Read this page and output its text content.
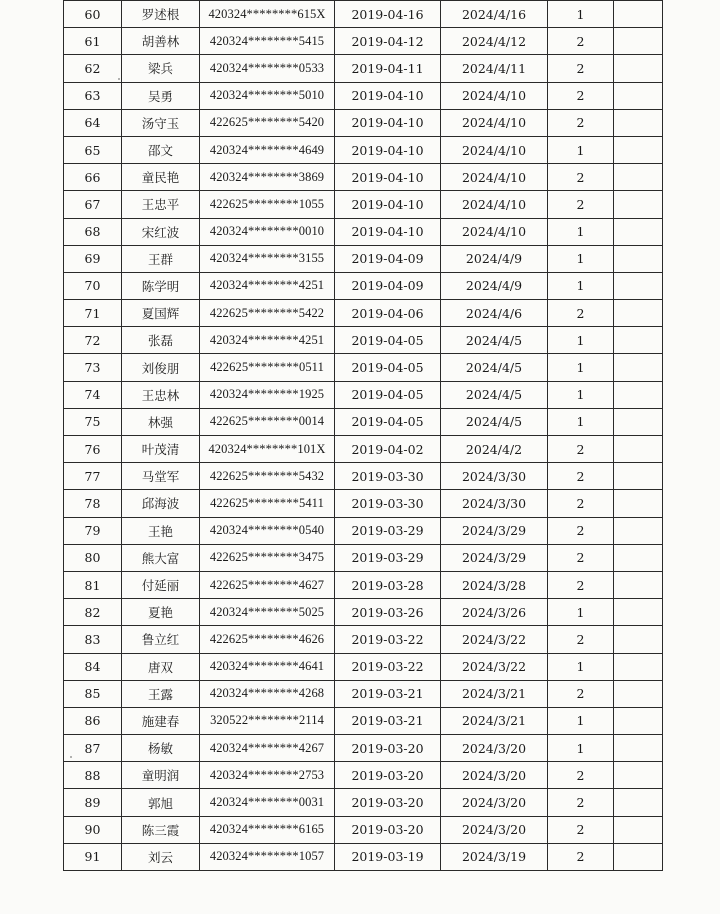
60	罗述根	420324********615X	2019-04-16	2024/4/16	1	
61	胡善林	420324********5415	2019-04-12	2024/4/12	2	
62	梁兵	420324********0533	2019-04-11	2024/4/11	2	
63	吴勇	420324********5010	2019-04-10	2024/4/10	2	
64	汤守玉	422625********5420	2019-04-10	2024/4/10	2	
65	邵文	420324********4649	2019-04-10	2024/4/10	1	
66	童民艳	420324********3869	2019-04-10	2024/4/10	2	
67	王忠平	422625********1055	2019-04-10	2024/4/10	2	
68	宋红波	420324********0010	2019-04-10	2024/4/10	1	
69	王群	420324********3155	2019-04-09	2024/4/9	1	
70	陈学明	420324********4251	2019-04-09	2024/4/9	1	
71	夏国辉	422625********5422	2019-04-06	2024/4/6	2	
72	张磊	420324********4251	2019-04-05	2024/4/5	1	
73	刘俊朋	422625********0511	2019-04-05	2024/4/5	1	
74	王忠林	420324********1925	2019-04-05	2024/4/5	1	
75	林强	422625********0014	2019-04-05	2024/4/5	1	
76	叶茂清	420324********101X	2019-04-02	2024/4/2	2	
77	马堂军	422625********5432	2019-03-30	2024/3/30	2	
78	邱海波	422625********5411	2019-03-30	2024/3/30	2	
79	王艳	420324********0540	2019-03-29	2024/3/29	2	
80	熊大富	422625********3475	2019-03-29	2024/3/29	2	
81	付延丽	422625********4627	2019-03-28	2024/3/28	2	
82	夏艳	420324********5025	2019-03-26	2024/3/26	1	
83	鲁立红	422625********4626	2019-03-22	2024/3/22	2	
84	唐双	420324********4641	2019-03-22	2024/3/22	1	
85	王露	420324********4268	2019-03-21	2024/3/21	2	
86	施建春	320522********2114	2019-03-21	2024/3/21	1	
87	杨敏	420324********4267	2019-03-20	2024/3/20	1	
88	童明润	420324********2753	2019-03-20	2024/3/20	2	
89	郭旭	420324********0031	2019-03-20	2024/3/20	2	
90	陈三霞	420324********6165	2019-03-20	2024/3/20	2	
91	刘云	420324********1057	2019-03-19	2024/3/19	2	
